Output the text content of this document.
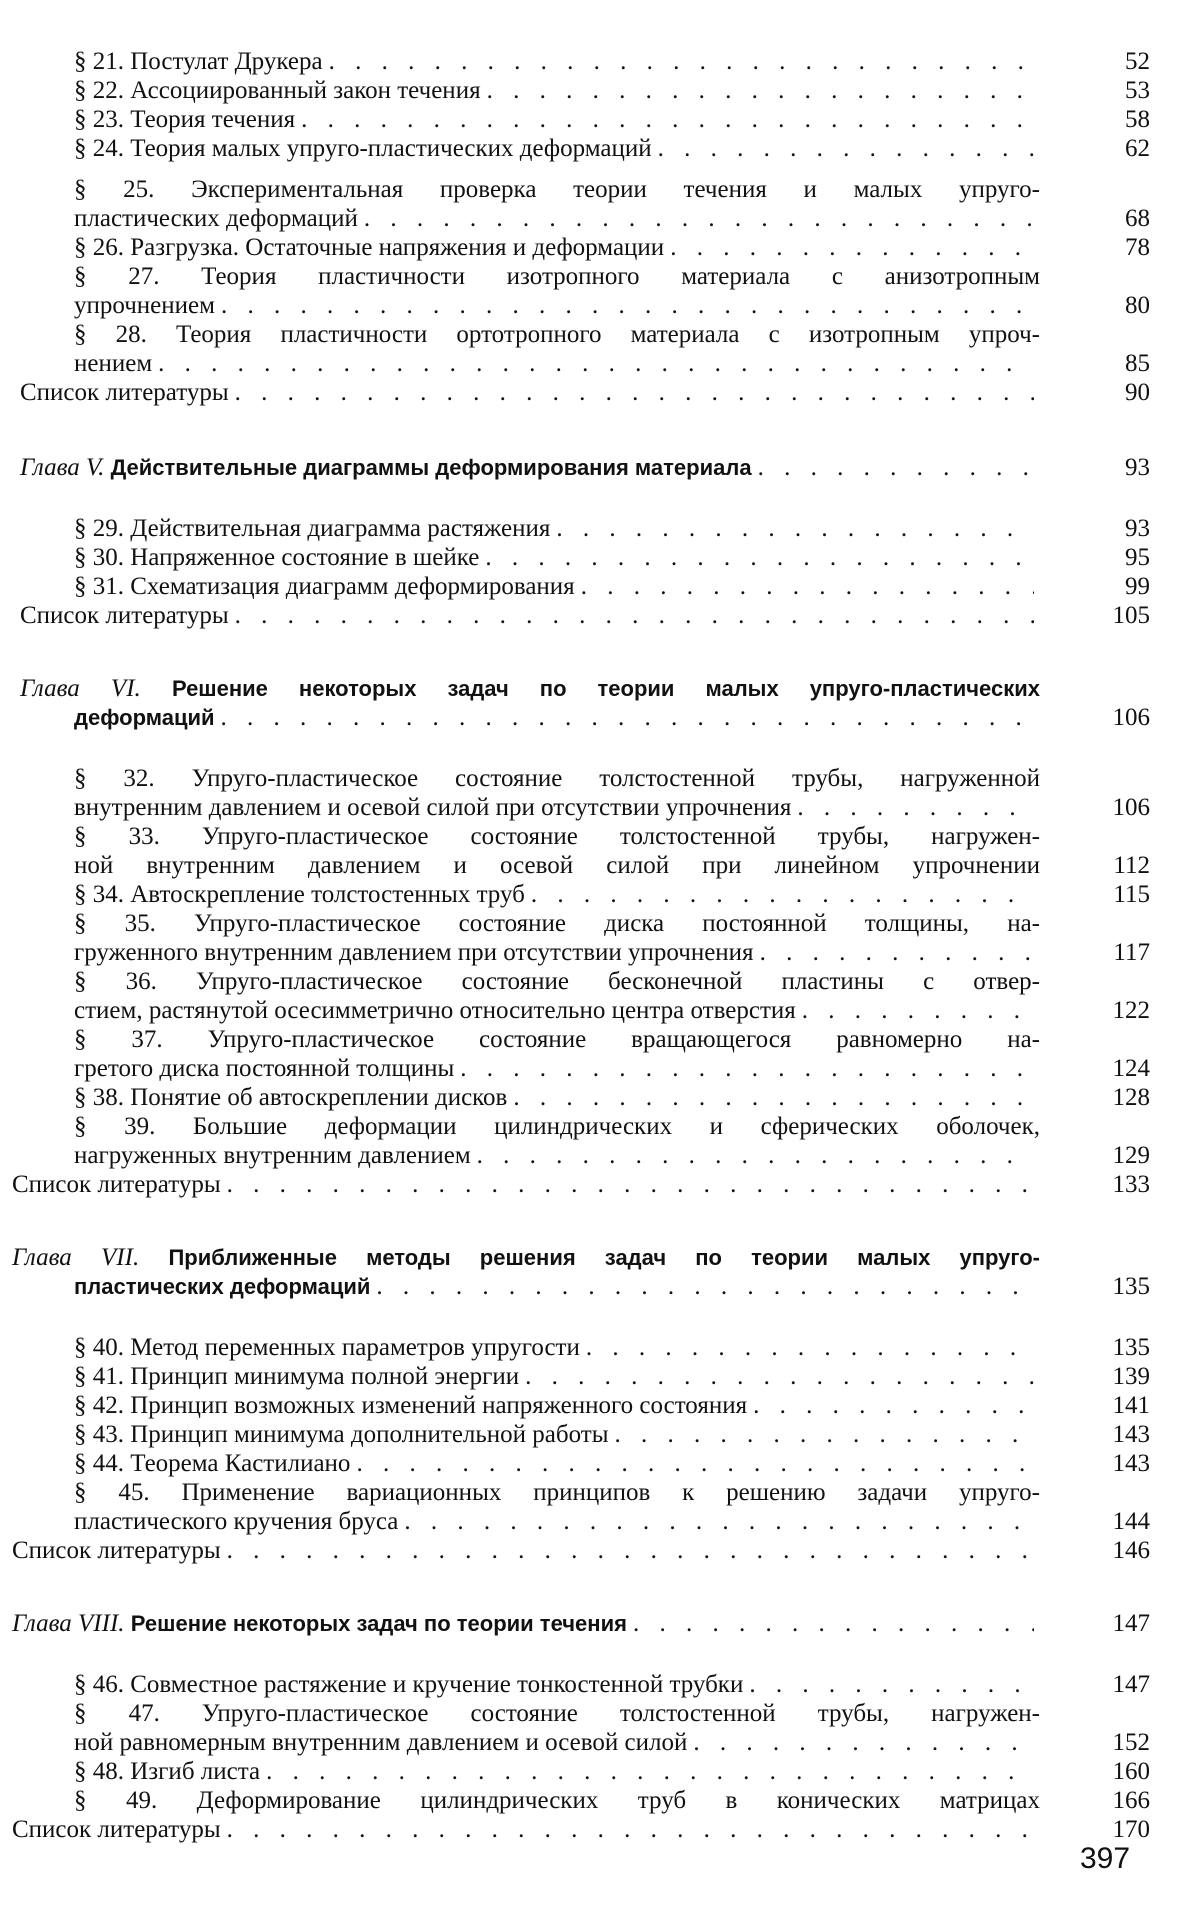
§ 21. Постулат Друкера . . .	52
§ 22. Ассоциированный закон течения . . .	53
§ 23. Теория течения . . .	58
§ 24. Теория малых упруго-пластических деформаций . . .	62
§ 25. Экспериментальная проверка теории течения и малых упруго-
пластических деформаций . . .	68
§ 26. Разгрузка. Остаточные напряжения и деформации . . .	78
§ 27. Теория пластичности изотропного материала с анизотропным
упрочнением . . .	80
§ 28. Теория пластичности ортотропного материала с изотропным упроч-
нением . . .	85
Список литературы . . .	90
Глава V. Действительные диаграммы деформирования материала . . .	93
§ 29. Действительная диаграмма растяжения . . .	93
§ 30. Напряженное состояние в шейке . . .	95
§ 31. Схематизация диаграмм деформирования . . .	99
Список литературы . . .	105
Глава VI. Решение некоторых задач по теории малых упруго-пластических
деформаций . . .	106
§ 32. Упруго-пластическое состояние толстостенной трубы, нагруженной
внутренним давлением и осевой силой при отсутствии упрочнения . . .	106
§ 33. Упруго-пластическое состояние толстостенной трубы, нагружен-
ной внутренним давлением и осевой силой при линейном упрочнении	112
§ 34. Автоскрепление толстостенных труб . . .	115
§ 35. Упруго-пластическое состояние диска постоянной толщины, на-
груженного внутренним давлением при отсутствии упрочнения . . .	117
§ 36. Упруго-пластическое состояние бесконечной пластины с отвер-
стием, растянутой осесимметрично относительно центра отверстия . . .	122
§ 37. Упруго-пластическое состояние вращающегося равномерно на-
гретого диска постоянной толщины . . .	124
§ 38. Понятие об автоскреплении дисков . . .	128
§ 39. Большие деформации цилиндрических и сферических оболочек,
нагруженных внутренним давлением . . .	129
Список литературы . . .	133
Глава VII. Приближенные методы решения задач по теории малых упруго-
пластических деформаций . . .	135
§ 40. Метод переменных параметров упругости . . .	135
§ 41. Принцип минимума полной энергии . . .	139
§ 42. Принцип возможных изменений напряженного состояния . . .	141
§ 43. Принцип минимума дополнительной работы . . .	143
§ 44. Теорема Кастилиано . . .	143
§ 45. Применение вариационных принципов к решению задачи упруго-
пластического кручения бруса . . .	144
Список литературы . . .	146
Глава VIII. Решение некоторых задач по теории течения . . .	147
§ 46. Совместное растяжение и кручение тонкостенной трубки . . .	147
§ 47. Упруго-пластическое состояние толстостенной трубы, нагружен-
ной равномерным внутренним давлением и осевой силой . . .	152
§ 48. Изгиб листа . . .	160
§ 49. Деформирование цилиндрических труб в конических матрицах	166
Список литературы . . .	170
397
